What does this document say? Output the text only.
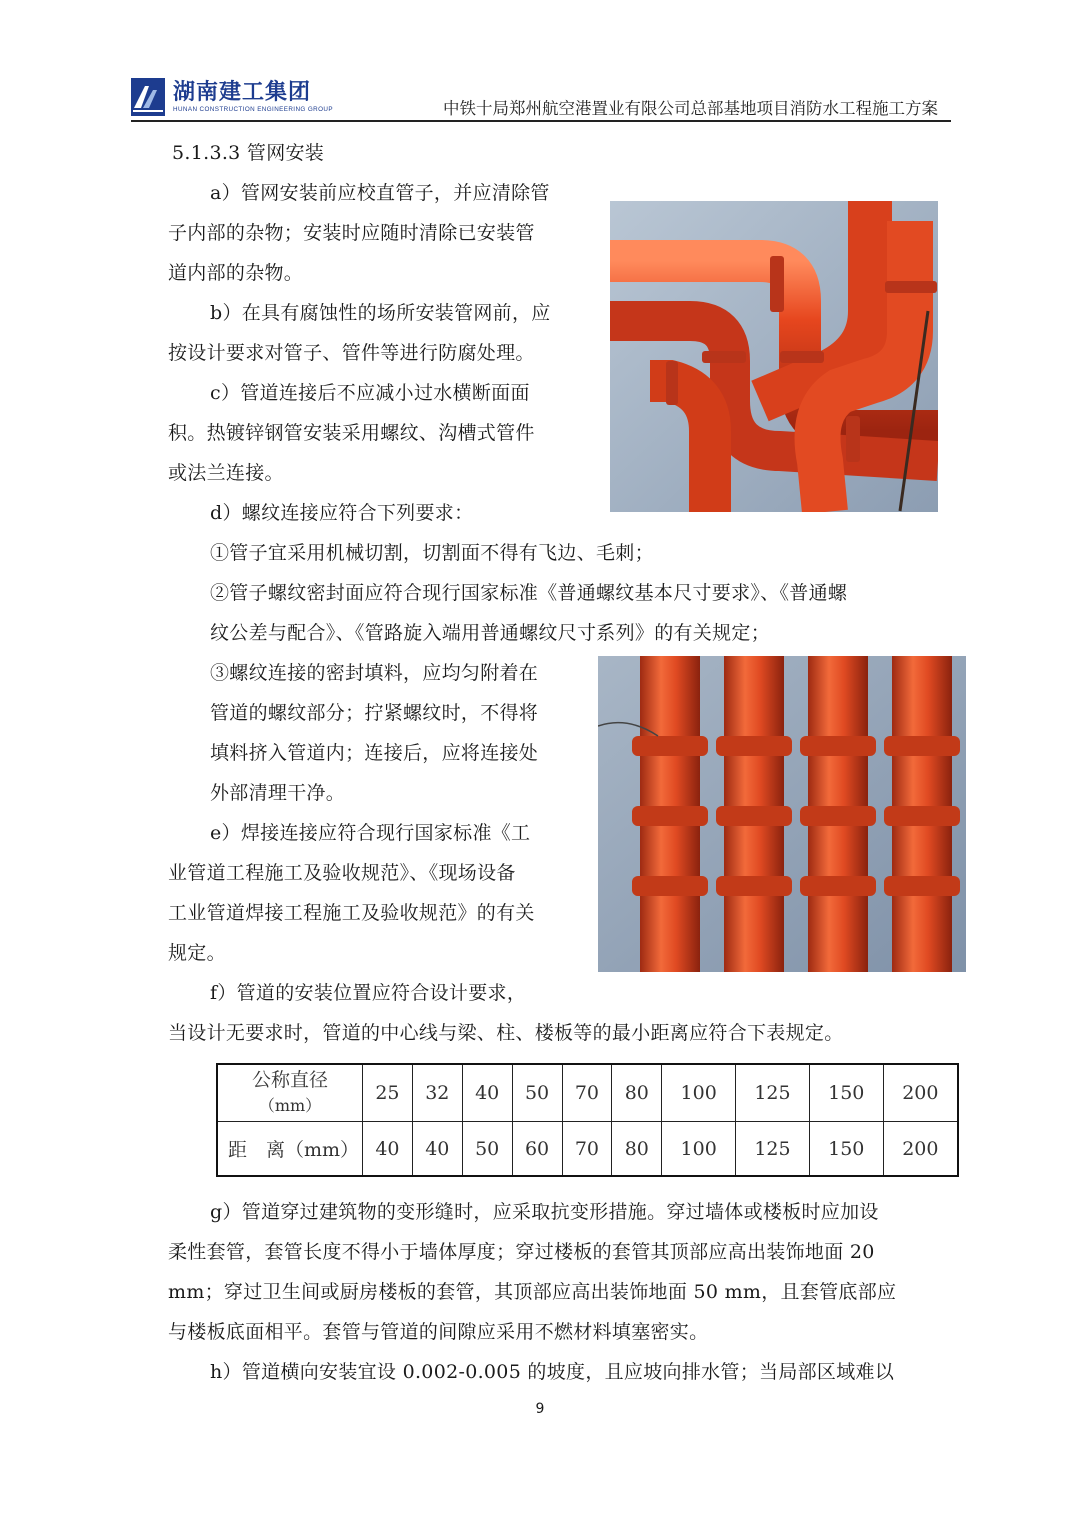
湖南建工集团
HUNAN CONSTRUCTION ENGINEERING GROUP	中铁十局郑州航空港置业有限公司总部基地项目消防水工程施工方案
5.1.3.3 管网安装
a）管网安装前应校直管子，并应清除管
子内部的杂物；安装时应随时清除已安装管
道内部的杂物。
b）在具有腐蚀性的场所安装管网前，应
按设计要求对管子、管件等进行防腐处理。
c）管道连接后不应减小过水横断面面
积。热镀锌钢管安装采用螺纹、沟槽式管件
或法兰连接。
d）螺纹连接应符合下列要求：
①管子宜采用机械切割，切割面不得有飞边、毛刺；
②管子螺纹密封面应符合现行国家标准《普通螺纹基本尺寸要求》、《普通螺
纹公差与配合》、《管路旋入端用普通螺纹尺寸系列》的有关规定；
③螺纹连接的密封填料，应均匀附着在
管道的螺纹部分；拧紧螺纹时，不得将
填料挤入管道内；连接后，应将连接处
外部清理干净。
e）焊接连接应符合现行国家标准《工
业管道工程施工及验收规范》、《现场设备
工业管道焊接工程施工及验收规范》的有关
规定。
f）管道的安装位置应符合设计要求，
当设计无要求时，管道的中心线与梁、柱、楼板等的最小距离应符合下表规定。
公称直径
（mm）	25	32	40	50	70	80	100	125	150	200
距　离（mm）	40	40	50	60	70	80	100	125	150	200
g）管道穿过建筑物的变形缝时，应采取抗变形措施。穿过墙体或楼板时应加设
柔性套管，套管长度不得小于墙体厚度；穿过楼板的套管其顶部应高出装饰地面 20
mm；穿过卫生间或厨房楼板的套管，其顶部应高出装饰地面 50 mm，且套管底部应
与楼板底面相平。套管与管道的间隙应采用不燃材料填塞密实。
h）管道横向安装宜设 0.002-0.005 的坡度，且应坡向排水管；当局部区域难以
9
